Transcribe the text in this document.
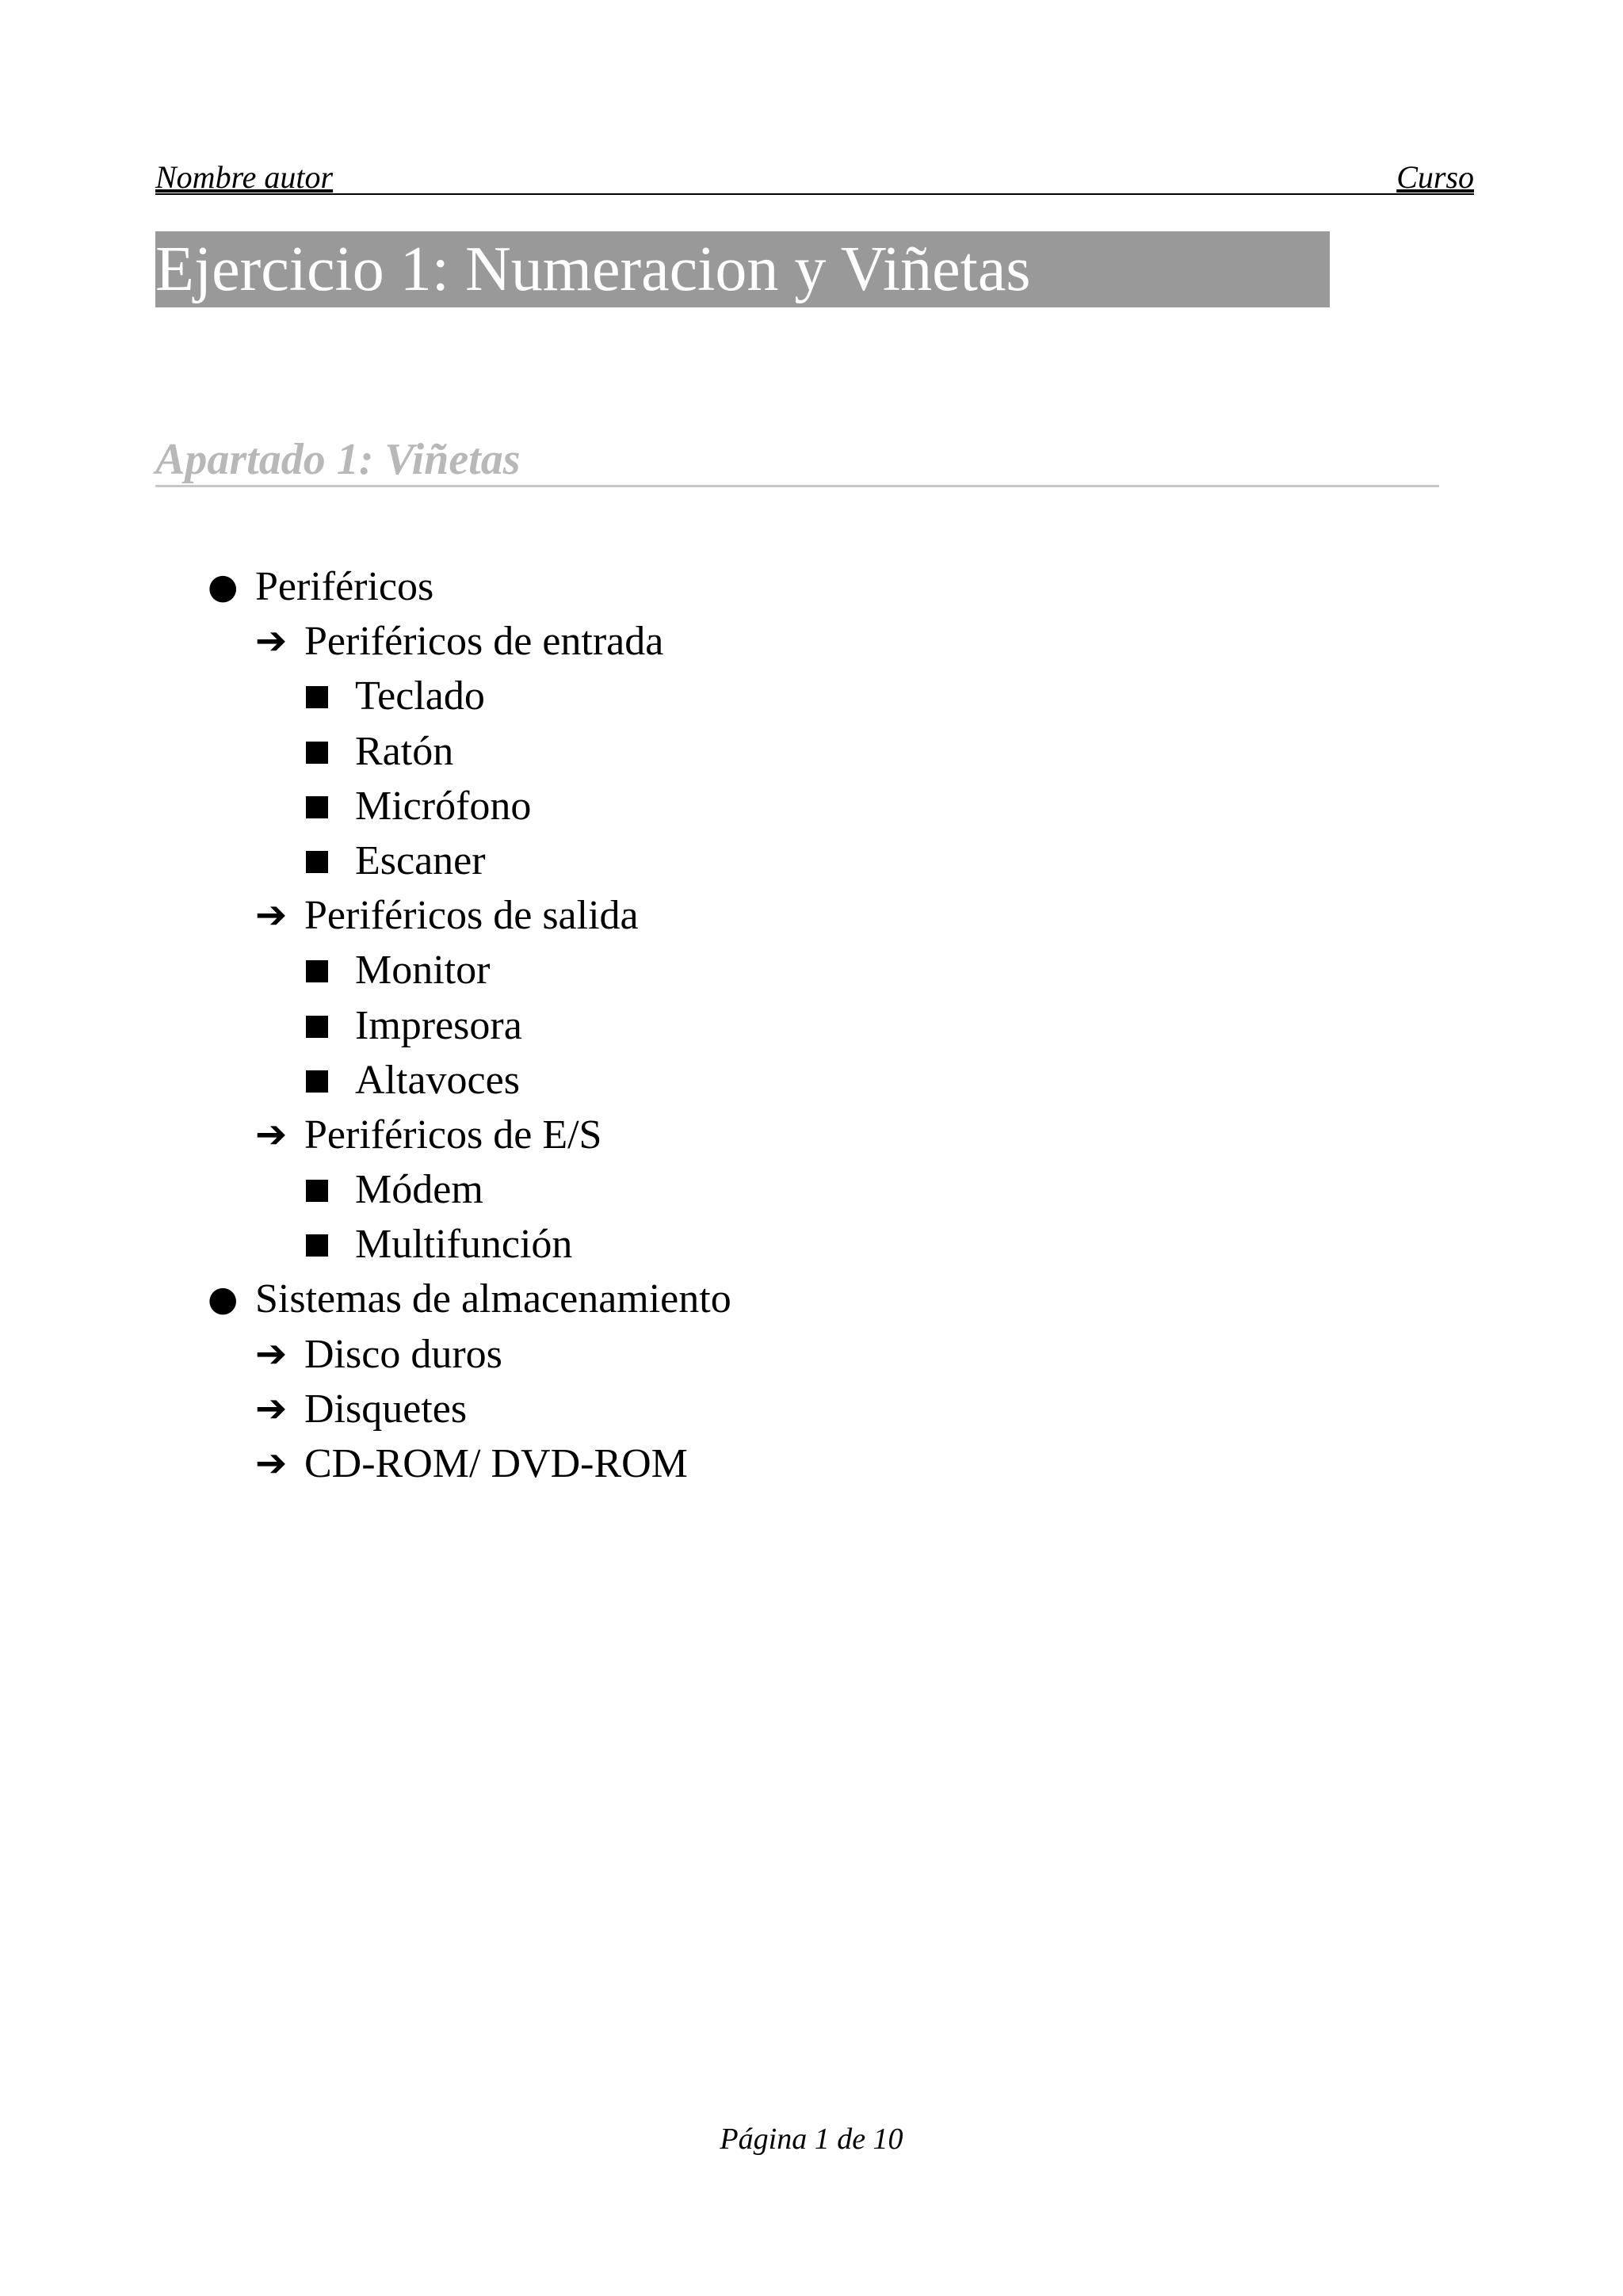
Nombre autor	Curso
Ejercicio 1: Numeracion y Viñetas
Apartado 1: Viñetas
● Periféricos
➔ Periféricos de entrada
Teclado
Ratón
Micrófono
Escaner
➔ Periféricos de salida
Monitor
Impresora
Altavoces
➔ Periféricos de E/S
Módem
Multifunción
● Sistemas de almacenamiento
➔ Disco duros
➔ Disquetes
➔ CD-ROM/ DVD-ROM
Página 1 de 10
